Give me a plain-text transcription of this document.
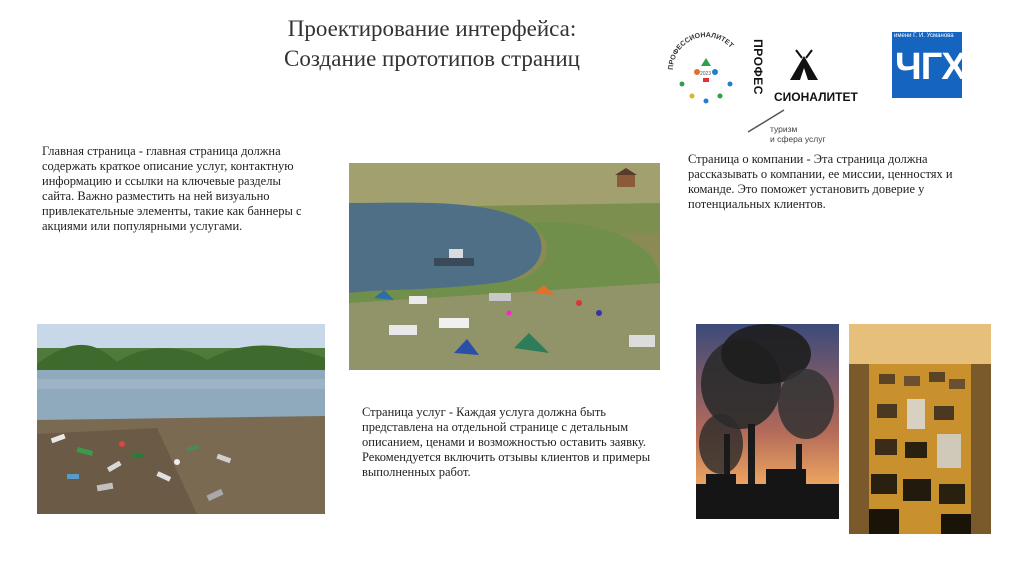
Проектирование интерфейса:
Создание прототипов страниц	ПРОФЕССИОНАЛИТЕТ
2023	ПРОФЕС
СИОНАЛИТЕТ
туризм
и сфера услуг
имени Г. И. Усманова
ЧГХ
Главная страница - главная страница должна содержать краткое описание услуг, контактную информацию и ссылки на ключевые разделы сайта. Важно разместить на ней визуально привлекательные элементы, такие как баннеры с акциями или популярными услугами.
Страница о компании - Эта страница должна рассказывать о компании, ее миссии, ценностях и команде. Это поможет установить доверие у потенциальных клиентов.
Страница услуг - Каждая услуга должна быть представлена на отдельной странице с детальным описанием, ценами и возможностью оставить заявку. Рекомендуется включить отзывы клиентов и примеры выполненных работ.
